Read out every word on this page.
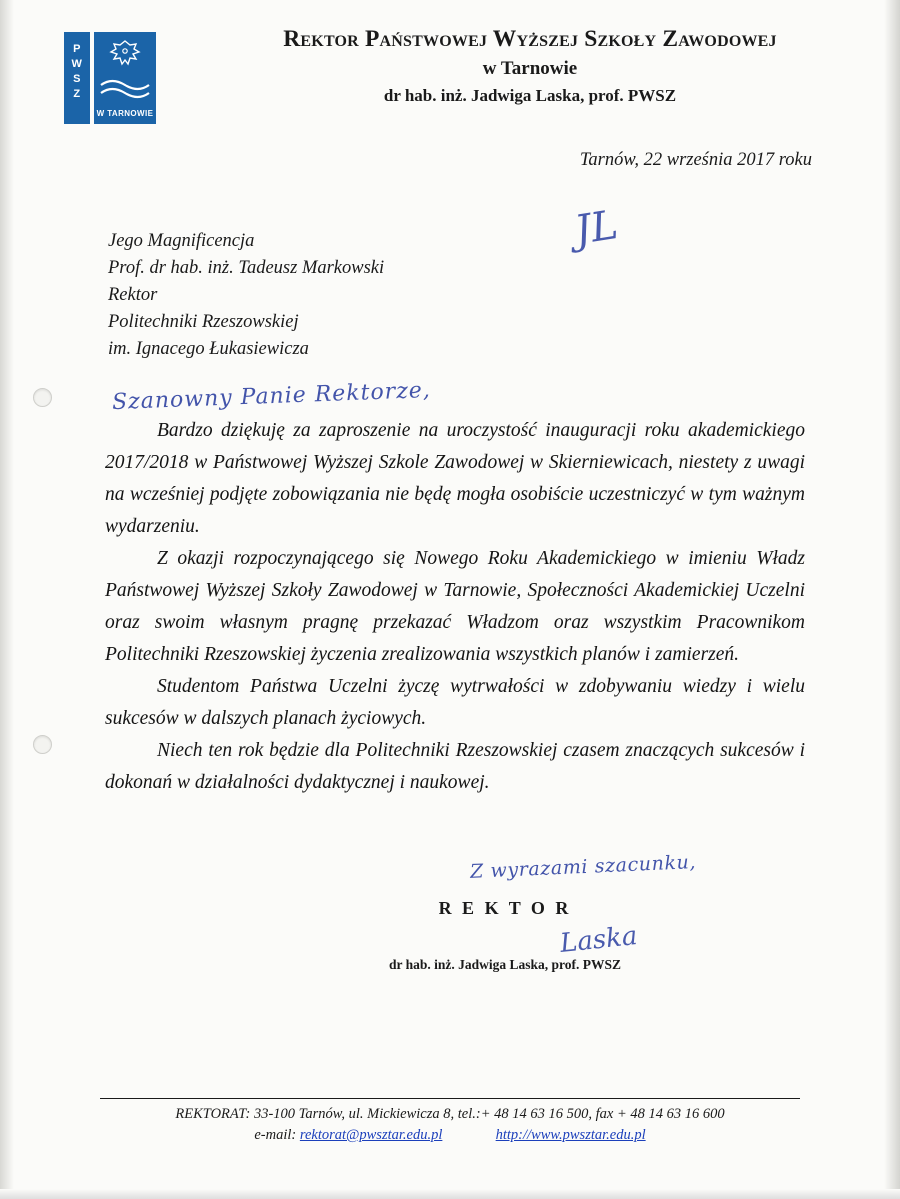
P
W
S
Z
W TARNOWIE
Rektor Państwowej Wyższej Szkoły Zawodowej
w Tarnowie
dr hab. inż. Jadwiga Laska, prof. PWSZ
Tarnów, 22 września 2017 roku
Jego Magnificencja
Prof. dr hab. inż. Tadeusz Markowski
Rektor
Politechniki Rzeszowskiej
im. Ignacego Łukasiewicza
JL
Szanowny Panie Rektorze,

Bardzo dziękuję za zaproszenie na uroczystość inauguracji roku akademickiego 2017/2018 w Państwowej Wyższej Szkole Zawodowej w Skierniewicach, niestety z uwagi na wcześniej podjęte zobowiązania nie będę mogła osobiście uczestniczyć w tym ważnym wydarzeniu.

Z okazji rozpoczynającego się Nowego Roku Akademickiego w imieniu Władz Państwowej Wyższej Szkoły Zawodowej w Tarnowie, Społeczności Akademickiej Uczelni oraz swoim własnym pragnę przekazać Władzom oraz wszystkim Pracownikom Politechniki Rzeszowskiej życzenia zrealizowania wszystkich planów i zamierzeń.

Studentom Państwa Uczelni życzę wytrwałości w zdobywaniu wiedzy i wielu sukcesów w dalszych planach życiowych.

Niech ten rok będzie dla Politechniki Rzeszowskiej czasem znaczących sukcesów i dokonań w działalności dydaktycznej i naukowej.

Z wyrazami szacunku,
R E K T O R
dr hab. inż. Jadwiga Laska, prof. PWSZ
Laska
REKTORAT: 33-100 Tarnów, ul. Mickiewicza 8, tel.:+ 48 14 63 16 500, fax + 48 14 63 16 600
e-mail: rektorat@pwsztar.edu.pl	http://www.pwsztar.edu.pl
